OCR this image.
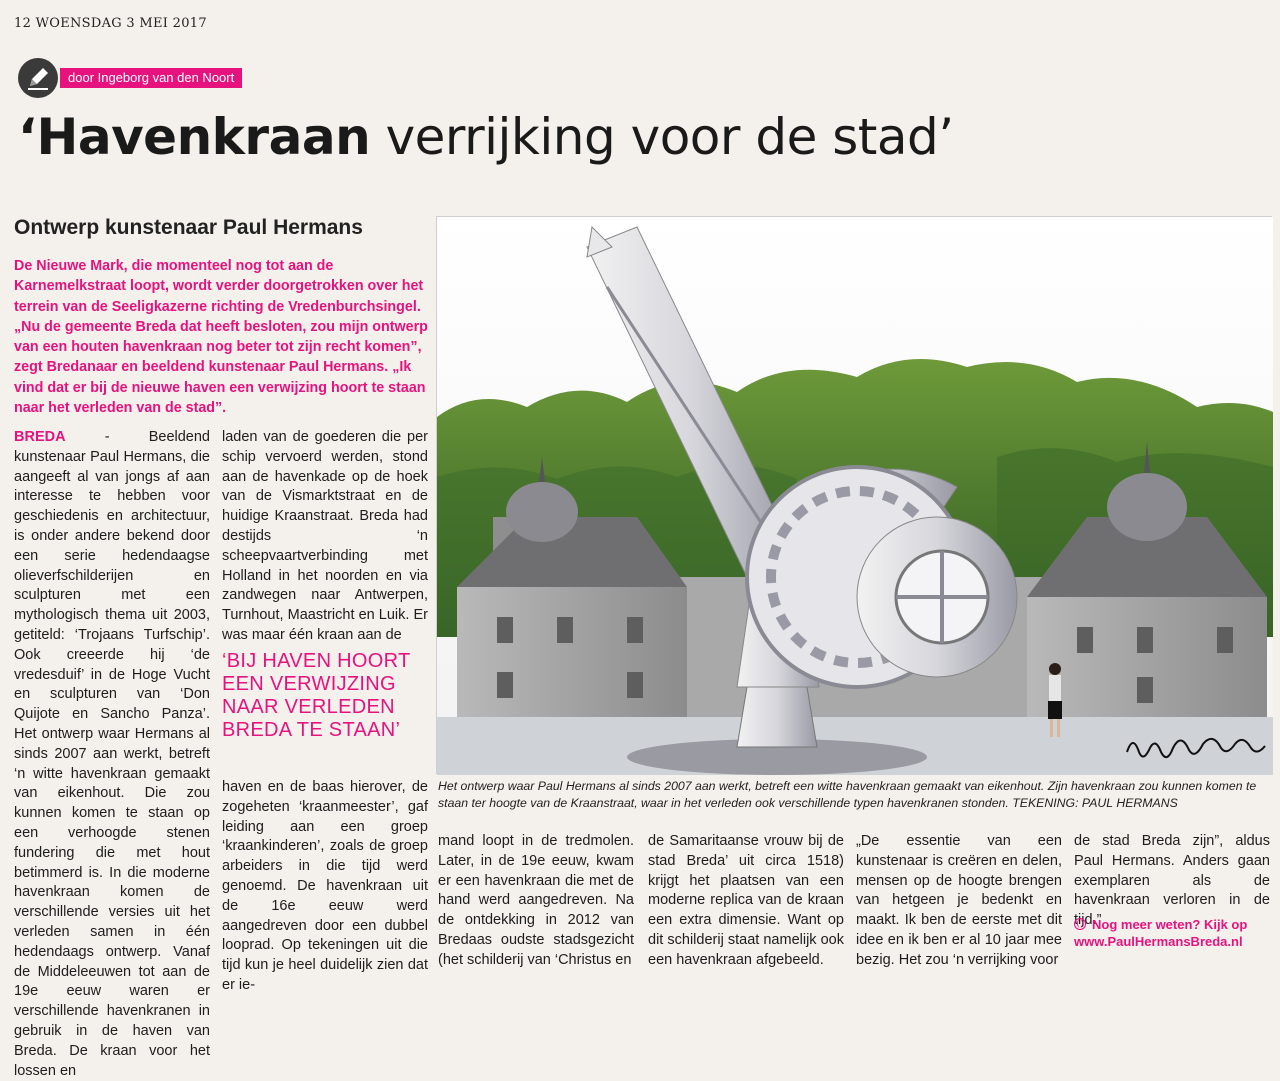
12 WOENSDAG 3 MEI 2017
door Ingeborg van den Noort
‘Havenkraan verrijking voor de stad’
Ontwerp kunstenaar Paul Hermans
De Nieuwe Mark, die momenteel nog tot aan de Karnemelkstraat loopt, wordt verder doorgetrokken over het terrein van de Seeligkazerne richting de Vredenburchsingel. „Nu de gemeente Breda dat heeft besloten, zou mijn ontwerp van een houten havenkraan nog beter tot zijn recht komen”, zegt Bredanaar en beeldend kunstenaar Paul Hermans. „Ik vind dat er bij de nieuwe haven een verwijzing hoort te staan naar het verleden van de stad”.
BREDA - Beeldend kunstenaar Paul Hermans, die aangeeft al van jongs af aan interesse te hebben voor geschiedenis en architectuur, is onder andere bekend door een serie hedendaagse olieverfschilderijen en sculpturen met een mythologisch thema uit 2003, getiteld: ‘Trojaans Turfschip’. Ook creeerde hij ‘de vredesduif’ in de Hoge Vucht en sculpturen van ‘Don Quijote en Sancho Panza’. Het ontwerp waar Hermans al sinds 2007 aan werkt, betreft ‘n witte havenkraan gemaakt van eikenhout. Die zou kunnen komen te staan op een verhoogde stenen fundering die met hout betimmerd is. In die moderne havenkraan komen de verschillende versies uit het verleden samen in één hedendaags ontwerp. Vanaf de Middeleeuwen tot aan de 19e eeuw waren er verschillende havenkranen in gebruik in de haven van Breda. De kraan voor het lossen en
laden van de goederen die per schip vervoerd werden, stond aan de havenkade op de hoek van de Vismarktstraat en de huidige Kraanstraat. Breda had destijds ‘n scheepvaartverbinding met Holland in het noorden en via zandwegen naar Antwerpen, Turnhout, Maastricht en Luik. Er was maar één kraan aan de
‘BIJ HAVEN HOORT EEN VERWIJZING NAAR VERLEDEN BREDA TE STAAN’
haven en de baas hierover, de zogeheten ‘kraanmeester’, gaf leiding aan een groep ‘kraankinderen’, zoals de groep arbeiders in die tijd werd genoemd. De havenkraan uit de 16e eeuw werd aangedreven door een dubbel looprad. Op tekeningen uit die tijd kun je heel duidelijk zien dat er ie-
Het ontwerp waar Paul Hermans al sinds 2007 aan werkt, betreft een witte havenkraan gemaakt van eikenhout. Zijn havenkraan zou kunnen komen te staan ter hoogte van de Kraanstraat, waar in het verleden ook verschillende typen havenkranen stonden. TEKENING: PAUL HERMANS
mand loopt in de tredmolen. Later, in de 19e eeuw, kwam er een havenkraan die met de hand werd aangedreven. Na de ontdekking in 2012 van Bredaas oudste stadsgezicht (het schilderij van ‘Christus en
de Samaritaanse vrouw bij de stad Breda’ uit circa 1518) krijgt het plaatsen van een moderne replica van de kraan een extra dimensie. Want op dit schilderij staat namelijk ook een havenkraan afgebeeld.
„De essentie van een kunstenaar is creëren en delen, mensen op de hoogte brengen van hetgeen je bedenkt en maakt. Ik ben de eerste met dit idee en ik ben er al 10 jaar mee bezig. Het zou ‘n verrijking voor
de stad Breda zijn”, aldus Paul Hermans. Anders gaan exemplaren als de havenkraan verloren in de tijd.”
Nog meer weten? Kijk op
www.PaulHermansBreda.nl
